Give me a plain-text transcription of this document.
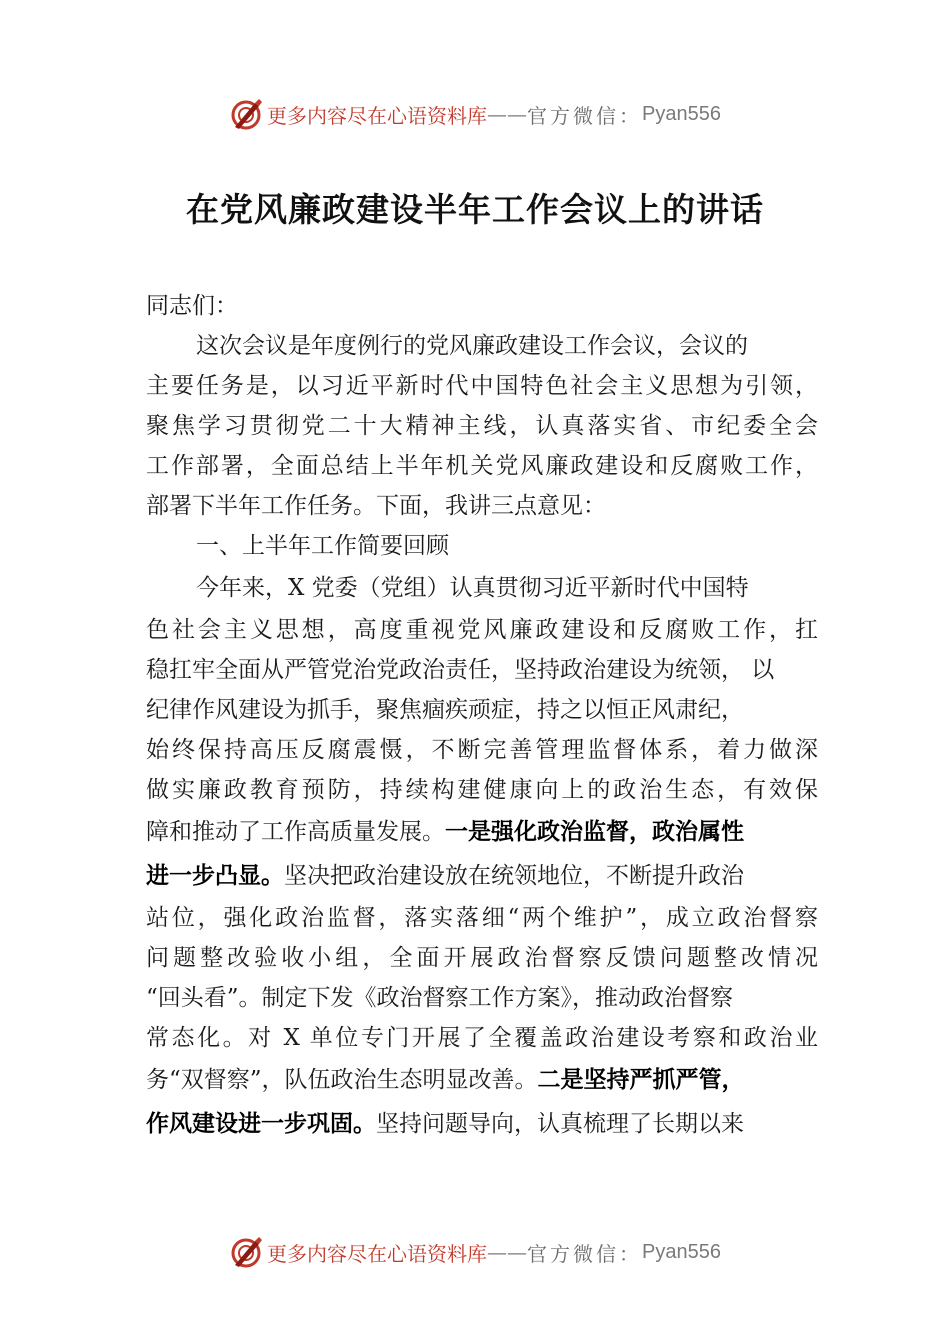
更多内容尽在心语资料库 —— 官方微信： Pyan556
在党风廉政建设半年工作会议上的讲话
同志们：
这次会议是年度例行的党风廉政建设工作会议，会议的
主要任务是，以习近平新时代中国特色社会主义思想为引领，
聚焦学习贯彻党二十大精神主线，认真落实省、市纪委全会
工作部署，全面总结上半年机关党风廉政建设和反腐败工作，
部署下半年工作任务。下面，我讲三点意见：
一、上半年工作简要回顾
今年来，X 党委（党组）认真贯彻习近平新时代中国特
色社会主义思想，高度重视党风廉政建设和反腐败工作，扛
稳扛牢全面从严管党治党政治责任，坚持政治建设为统领， 以
纪律作风建设为抓手，聚焦痼疾顽症，持之以恒正风肃纪，
始终保持高压反腐震慑，不断完善管理监督体系，着力做深
做实廉政教育预防，持续构建健康向上的政治生态，有效保
障和推动了工作高质量发展。一是强化政治监督，政治属性
进一步凸显。坚决把政治建设放在统领地位，不断提升政治
站位，强化政治监督，落实落细“两个维护”，成立政治督察
问题整改验收小组，全面开展政治督察反馈问题整改情况
“回头看”。制定下发《政治督察工作方案》，推动政治督察
常态化。对 X 单位专门开展了全覆盖政治建设考察和政治业
务“双督察”，队伍政治生态明显改善。二是坚持严抓严管，
作风建设进一步巩固。坚持问题导向，认真梳理了长期以来
更多内容尽在心语资料库 —— 官方微信： Pyan556
